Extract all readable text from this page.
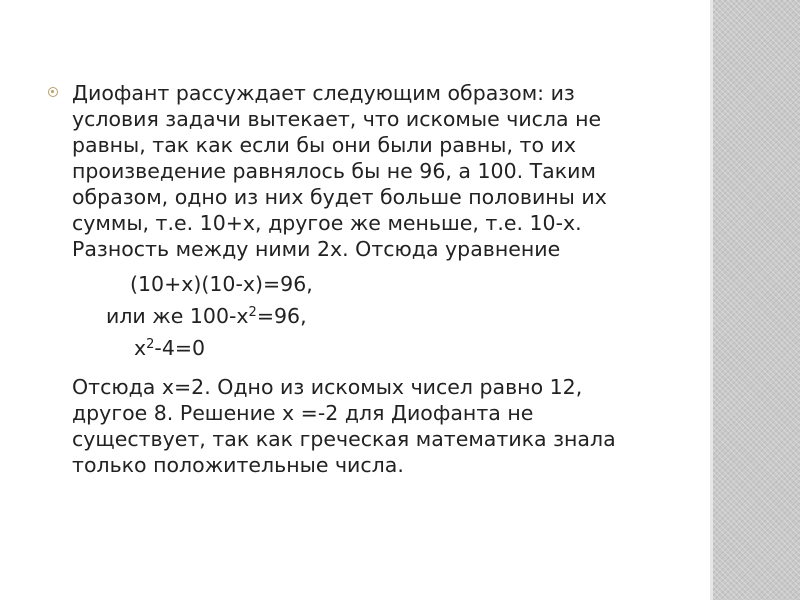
Диофант рассуждает следующим образом: из условия задачи вытекает, что искомые числа не равны, так как если бы они были равны, то их произведение равнялось бы не 96, а 100. Таким образом, одно из них будет больше половины их суммы, т.е. 10+х, другое же меньше, т.е. 10-х. Разность между ними 2х. Отсюда уравнение

(10+х)(10-х)=96,

или же $100-х^2=96$,

$х^2-4=0$

Отсюда х=2. Одно из искомых чисел равно 12, другое 8. Решение х =-2 для Диофанта не существует, так как греческая математика знала только положительные числа.
